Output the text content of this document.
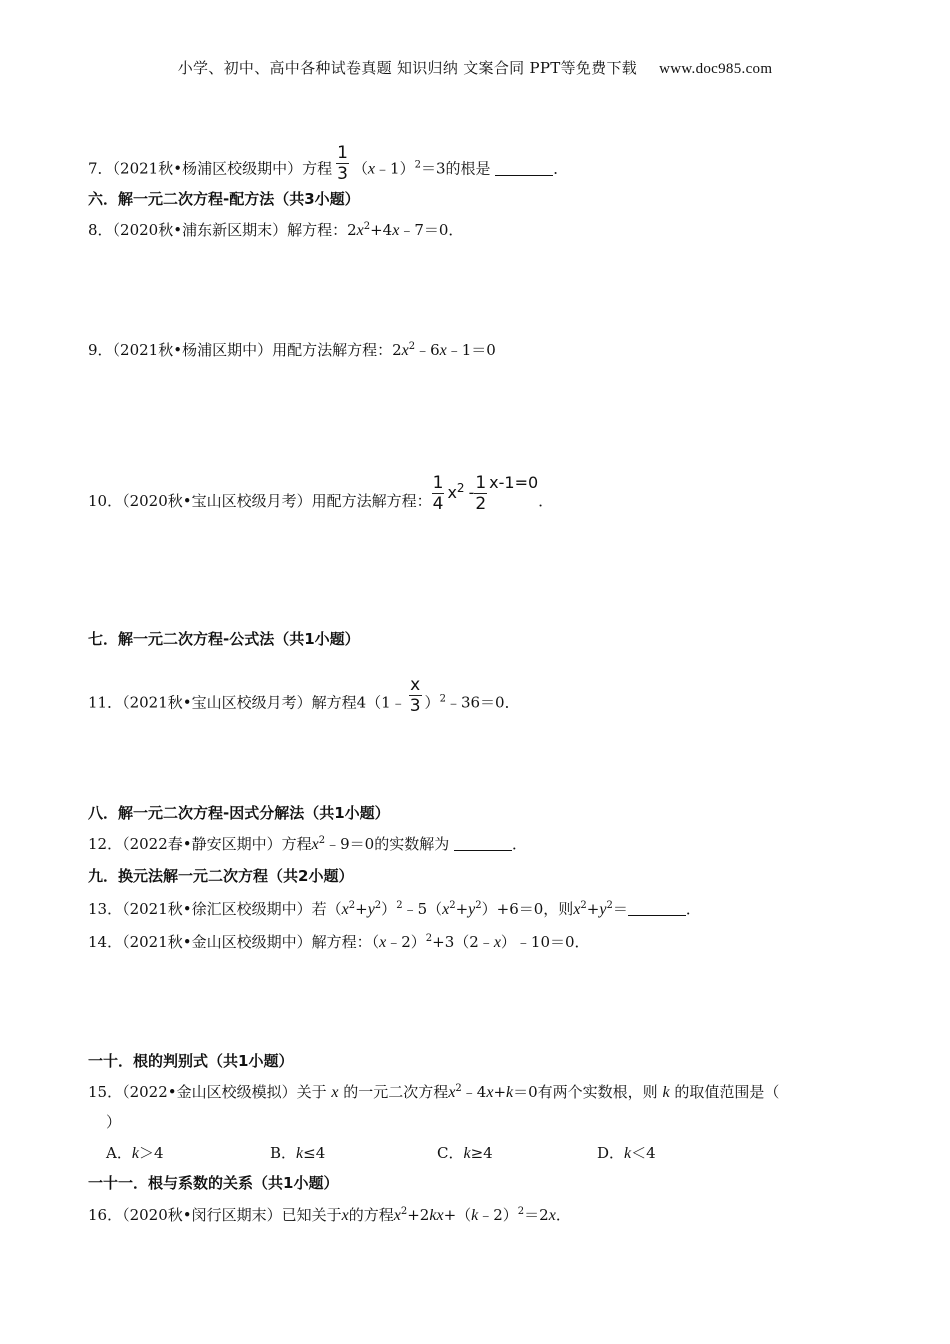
小学、初中、高中各种试卷真题 知识归纳 文案合同 PPT等免费下载 www.doc985.com
7．（2021秋•杨浦区校级期中）方程 $\frac{1}{3}$ （x﹣1）$^2$＝3的根是	．
六．解一元二次方程-配方法（共3小题）
8．（2020秋•浦东新区期末）解方程：$2x^2+4x﹣7=0$．
9．（2021秋•杨浦区期中）用配方法解方程：$2x^2﹣6x﹣1=0$
10．（2020秋•宝山区校级月考）用配方法解方程： $\frac{1}{4} x^2 - \frac{1}{2} x-1=0$．
七．解一元二次方程-公式法（共1小题）
11．（2021秋•宝山区校级月考）解方程4（1﹣ $\frac{x}{3}$ ）$^2$﹣36＝0．
八．解一元二次方程-因式分解法（共1小题）
12．（2022春•静安区期中）方程$x^2﹣9=0$的实数解为	．
九．换元法解一元二次方程（共2小题）
13．（2021秋•徐汇区校级期中）若$(x^2+y^2)^2﹣5(x^2+y^2)+6=0$，则$x^2+y^2=$	．
14．（2021秋•金山区校级期中）解方程：（x﹣2）$^2$+3（2﹣x）﹣10＝0．
一十．根的判别式（共1小题）
15．（2022•金山区校级模拟）关于 x 的一元二次方程$x^2﹣4x+k=0$有两个实数根，则 k 的取值范围是（
）
A．k＞4	B．k≤4	C．k≥4	D．k＜4
一十一．根与系数的关系（共1小题）
16．（2020秋•闵行区期末）已知关于x的方程$x^2+2kx+(k﹣2)^2=2x$．
